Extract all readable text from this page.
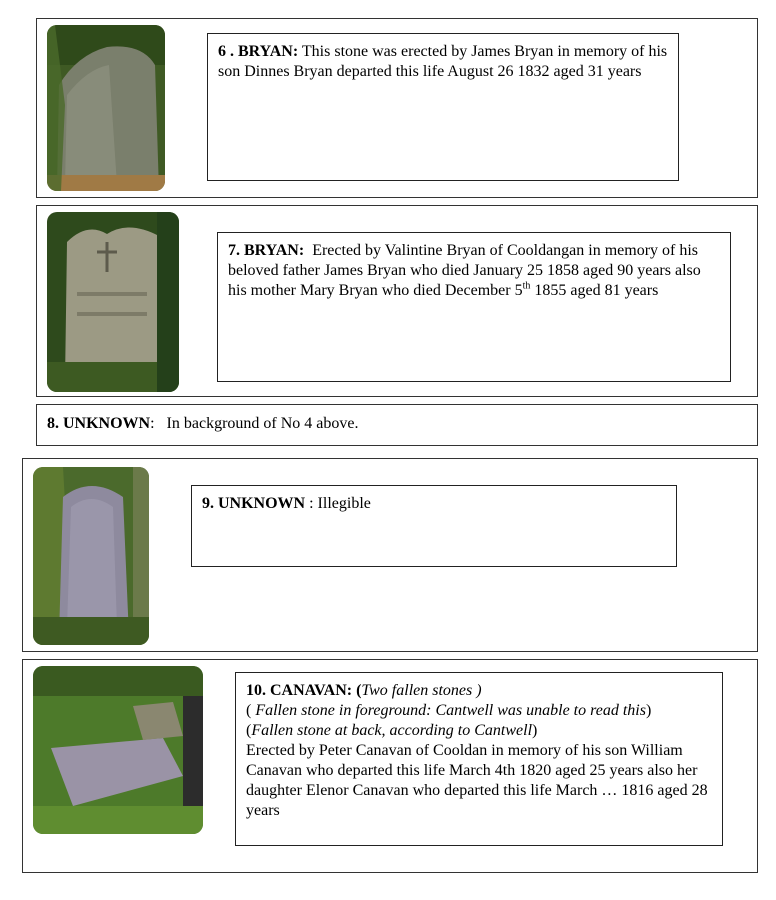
6 . BRYAN: This stone was erected by James Bryan in memory of his son Dinnes Bryan departed this life August 26 1832 aged 31 years
7. BRYAN: Erected by Valintine Bryan of Cooldangan in memory of his beloved father James Bryan who died January 25 1858 aged 90 years also his mother Mary Bryan who died December 5th 1855 aged 81 years
8. UNKNOWN:   In background of No 4 above.
9. UNKNOWN : Illegible
10. CANAVAN: (Two fallen stones )
( Fallen stone in foreground: Cantwell was unable to read this)
(Fallen stone at back, according to Cantwell)
Erected by Peter Canavan of Cooldan in memory of his son William Canavan who departed this life March 4th 1820 aged 25 years also her daughter Elenor Canavan who departed this life March … 1816 aged 28 years
